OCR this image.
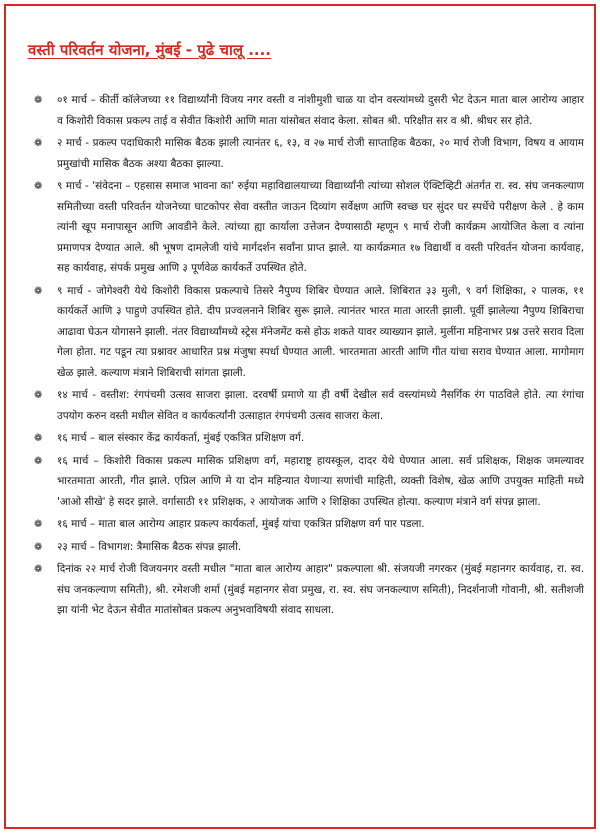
वस्ती परिवर्तन योजना, मुंबई - पुढे चालू ....
❁ ०१ मार्च – कीर्ती कॉलेजच्या ११ विद्यार्थ्यांनी विजय नगर वस्ती व नांशीमुशी चाळ या दोन वस्त्यांमध्ये दुसरी भेट देऊन माता बाल आरोग्य आहार व किशोरी विकास प्रकल्प ताई व सेवीत किशोरी आणि माता यांसोबत संवाद केला. सोबत श्री. परिक्षीत सर व श्री. श्रीधर सर होते.

❁ २ मार्च - प्रकल्प पदाधिकारी मासिक बैठक झाली त्यानंतर ६, १३, व २७ मार्च रोजी साप्ताहिक बैठका, २० मार्च रोजी विभाग, विषय व आयाम प्रमुखांची मासिक बैठक अश्या बैठका झाल्या.

❁ ९ मार्च - 'संवेदना – एहसास समाज भावना का' रुईया महाविद्यालयाच्या विद्यार्थ्यांनी त्यांच्या सोशल ऍक्टिव्हिटी अंतर्गत रा. स्व. संघ जनकल्याण समितीच्या वस्ती परिवर्तन योजनेच्या घाटकोपर सेवा वस्तीत जाऊन दिव्यांग सर्वेक्षण आणि स्वच्छ घर सुंदर घर स्पर्धेचे परीक्षण केले . हे काम त्यांनी खूप मनापासून आणि आवडीने केले. त्यांच्या ह्या कार्याला उत्तेजन देण्यासाठी म्हणून ९ मार्च रोजी कार्यक्रम आयोजित केला व त्यांना प्रमाणपत्र देण्यात आले. श्री भूषण दामलेजी यांचे मार्गदर्शन सर्वांना प्राप्त झाले. या कार्यक्रमात १७ विद्यार्थी व वस्ती परिवर्तन योजना कार्यवाह, सह कार्यवाह, संपर्क प्रमुख आणि ३ पूर्णवेळ कार्यकर्ते उपस्थित होते.

❁ ९ मार्च - जोगेश्वरी येथे किशोरी विकास प्रकल्पाचे तिसरे नैपुण्य शिबिर घेण्यात आले. शिबिरात ३३ मुली, ९ वर्ग शिक्षिका, २ पालक, ११ कार्यकर्ते आणि ३ पाहुणे उपस्थित होते. दीप प्रज्वलनाने शिबिर सुरू झाले. त्यानंतर भारत माता आरती झाली. पूर्वी झालेल्या नैपुण्य शिबिराचा आढावा घेऊन योगासने झाली. नंतर विद्यार्थ्यांमध्ये स्ट्रेस मॅनेजमेंट कसे होऊ शकते यावर व्याख्यान झाले. मुलींना महिनाभर प्रश्न उत्तरे सराव दिला गेला होता. गट पडून त्या प्रश्नावर आधारित प्रश्न मंजुषा स्पर्धा घेण्यात आली. भारतमाता आरती आणि गीत यांचा सराव घेण्यात आला. मागोमाग खेळ झाले. कल्याण मंत्राने शिबिराची सांगता झाली.

❁ १४ मार्च - वस्तीश: रंगपंचमी उत्सव साजरा झाला. दरवर्षी प्रमाणे या ही वर्षी देखील सर्व वस्त्यांमध्ये नैसर्गिक रंग पाठविले होते. त्या रंगांचा उपयोग करुन वस्ती मधील सेवित व कार्यकर्त्यांनी उत्साहात रंगपंचमी उत्सव साजरा केला.

❁ १६ मार्च – बाल संस्कार केंद्र कार्यकर्ता, मुंबई एकत्रित प्रशिक्षण वर्ग.

❁ १६ मार्च – किशोरी विकास प्रकल्प मासिक प्रशिक्षण वर्ग, महाराष्ट्र हायस्कूल, दादर येथे घेण्यात आला. सर्व प्रशिक्षक, शिक्षक जमल्यावर भारतमाता आरती, गीत झाले. एप्रिल आणि मे या दोन महिन्यात येणाऱ्या सणांची माहिती, व्यक्ती विशेष, खेळ आणि उपयुक्त माहिती मध्ये 'आओ सीखे' हे सदर झाले. वर्गासाठी ११ प्रशिक्षक, २ आयोजक आणि २ शिक्षिका उपस्थित होत्या. कल्याण मंत्राने वर्ग संपन्न झाला.

❁ १६ मार्च – माता बाल आरोग्य आहार प्रकल्प कार्यकर्ता, मुंबई यांचा एकत्रित प्रशिक्षण वर्ग पार पडला.

❁ २३ मार्च – विभागश: त्रैमासिक बैठक संपन्न झाली.

❁ दिनांक २२ मार्च रोजी विजयनगर वस्ती मधील "माता बाल आरोग्य आहार" प्रकल्पाला श्री. संजयजी नगरकर (मुंबई महानगर कार्यवाह, रा. स्व. संघ जनकल्याण समिती), श्री. रमेशजी शर्मा (मुंबई महानगर सेवा प्रमुख, रा. स्व. संघ जनकल्याण समिती), निदर्शनाजी गोवानी, श्री. सतीशजी झा यांनी भेट देऊन सेवीत मातांसोबत प्रकल्प अनुभवाविषयी संवाद साधला.
